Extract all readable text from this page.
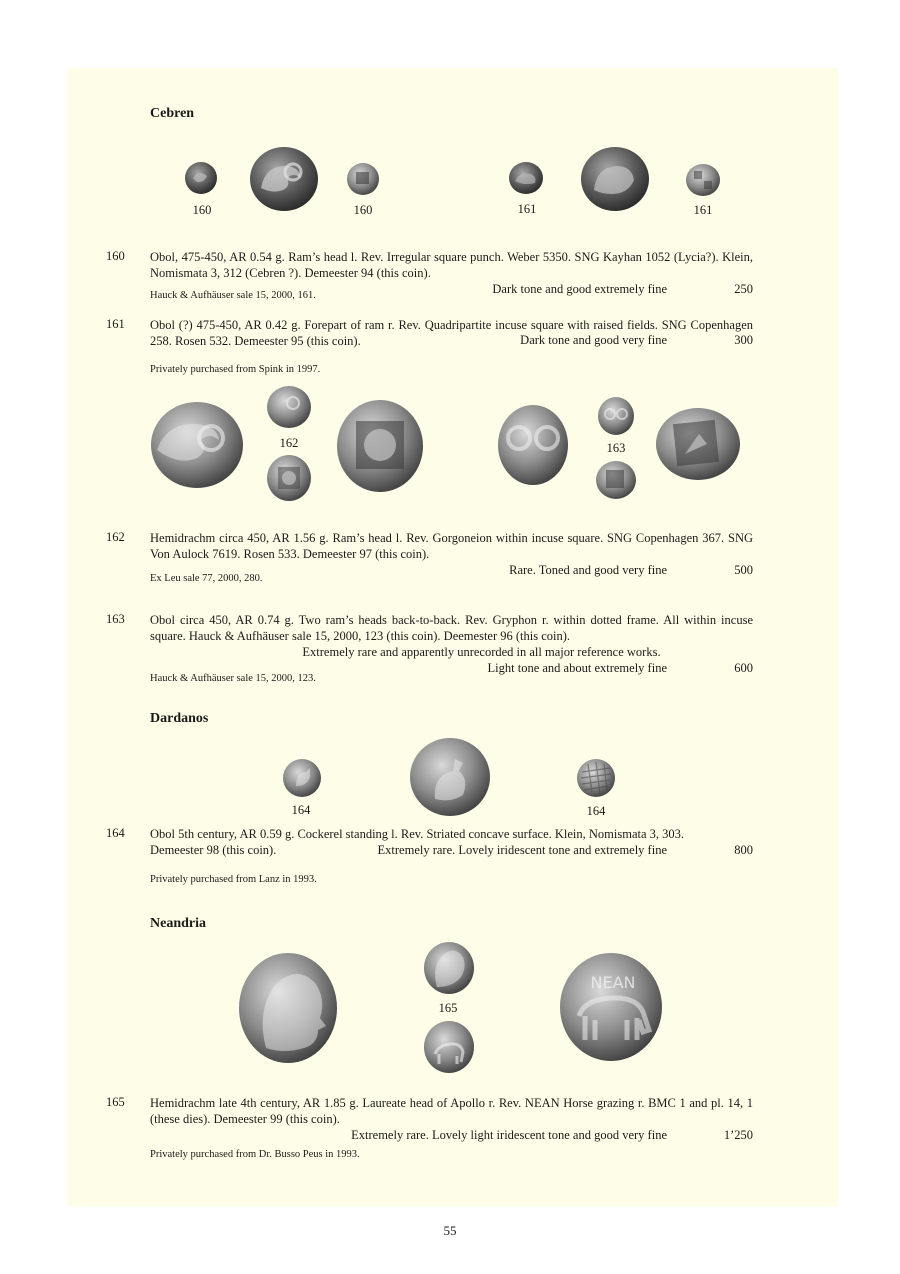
Cebren
160	160	161	161
160 Obol, 475-450, AR 0.54 g. Ram’s head l. Rev. Irregular square punch. Weber 5350. SNG Kayhan 1052 (Lycia?). Klein, Nomismata 3, 312 (Cebren ?). Demeester 94 (this coin).

Dark tone and good extremely fine	250
Hauck & Aufhäuser sale 15, 2000, 161.
161 Obol (?) 475-450, AR 0.42 g. Forepart of ram r. Rev. Quadripartite incuse square with raised fields. SNG Copenhagen 258. Rosen 532. Demeester 95 (this coin).	Dark tone and good very fine	300
Privately purchased from Spink in 1997.
162	163
162 Hemidrachm circa 450, AR 1.56 g. Ram’s head l. Rev. Gorgoneion within incuse square. SNG Copenhagen 367. SNG Von Aulock 7619. Rosen 533. Demeester 97 (this coin).

Rare. Toned and good very fine	500
Ex Leu sale 77, 2000, 280.
163 Obol circa 450, AR 0.74 g. Two ram’s heads back-to-back. Rev. Gryphon r. within dotted frame. All within incuse square. Hauck & Aufhäuser sale 15, 2000, 123 (this coin). Deemester 96 (this coin).

Extremely rare and apparently unrecorded in all major reference works.

Light tone and about extremely fine	600
Hauck & Aufhäuser sale 15, 2000, 123.
Dardanos
164	164
164 Obol 5th century, AR 0.59 g. Cockerel standing l. Rev. Striated concave surface. Klein, Nomismata 3, 303.

Demeester 98 (this coin).	Extremely rare. Lovely iridescent tone and extremely fine	800
Privately purchased from Lanz in 1993.
Neandria
NEAN
165
165 Hemidrachm late 4th century, AR 1.85 g. Laureate head of Apollo r. Rev. NEAN Horse grazing r. BMC 1 and pl. 14, 1 (these dies). Demeester 99 (this coin).

Extremely rare. Lovely light iridescent tone and good very fine	1’250
Privately purchased from Dr. Busso Peus in 1993.
55
